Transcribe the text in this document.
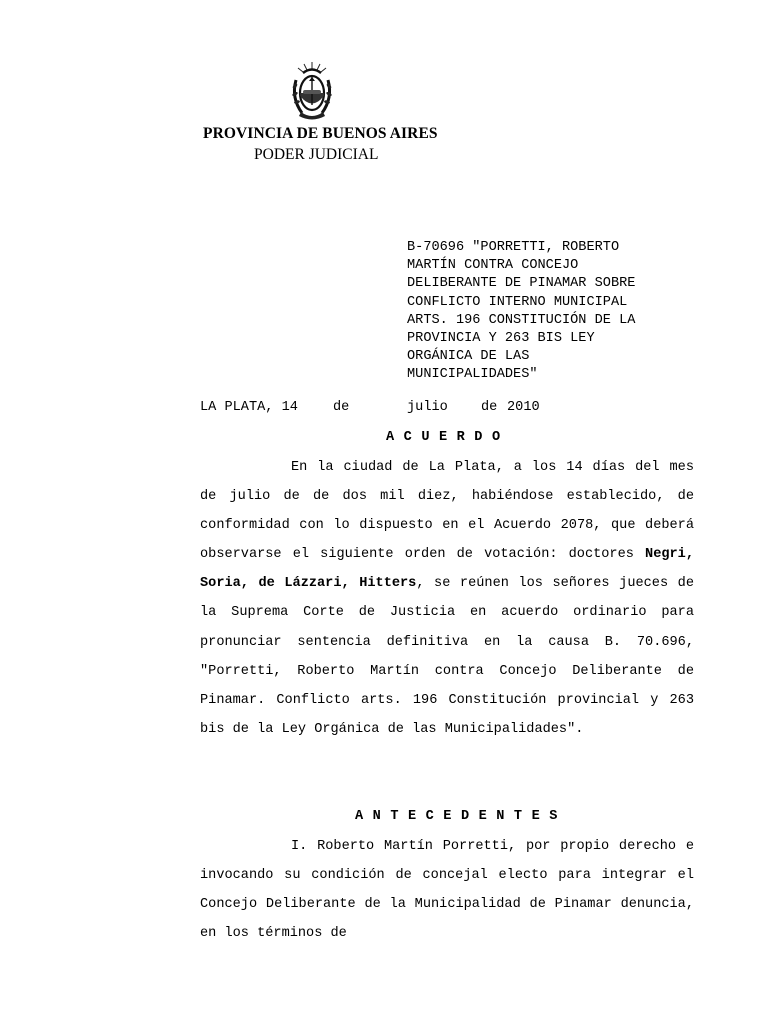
PROVINCIA DE BUENOS AIRES
PODER JUDICIAL
B-70696 "PORRETTI, ROBERTO
MARTÍN CONTRA CONCEJO
DELIBERANTE DE PINAMAR SOBRE
CONFLICTO INTERNO MUNICIPAL
ARTS. 196 CONSTITUCIÓN DE LA
PROVINCIA Y 263 BIS LEY
ORGÁNICA DE LAS
MUNICIPALIDADES"
LA PLATA, 14	de	julio de 2010
ACUERDO

En la ciudad de La Plata, a los 14 días del mes de julio de de dos mil diez, habiéndose establecido, de conformidad con lo dispuesto en el Acuerdo 2078, que deberá observarse el siguiente orden de votación: doctores Negri, Soria, de Lázzari, Hitters, se reúnen los señores jueces de la Suprema Corte de Justicia en acuerdo ordinario para pronunciar sentencia definitiva en la causa B. 70.696, "Porretti, Roberto Martín contra Concejo Deliberante de Pinamar. Conflicto arts. 196 Constitución provincial y 263 bis de la Ley Orgánica de las Municipalidades".

ANTECEDENTES

I. Roberto Martín Porretti, por propio derecho e invocando su condición de concejal electo para integrar el Concejo Deliberante de la Municipalidad de Pinamar denuncia, en los términos de
